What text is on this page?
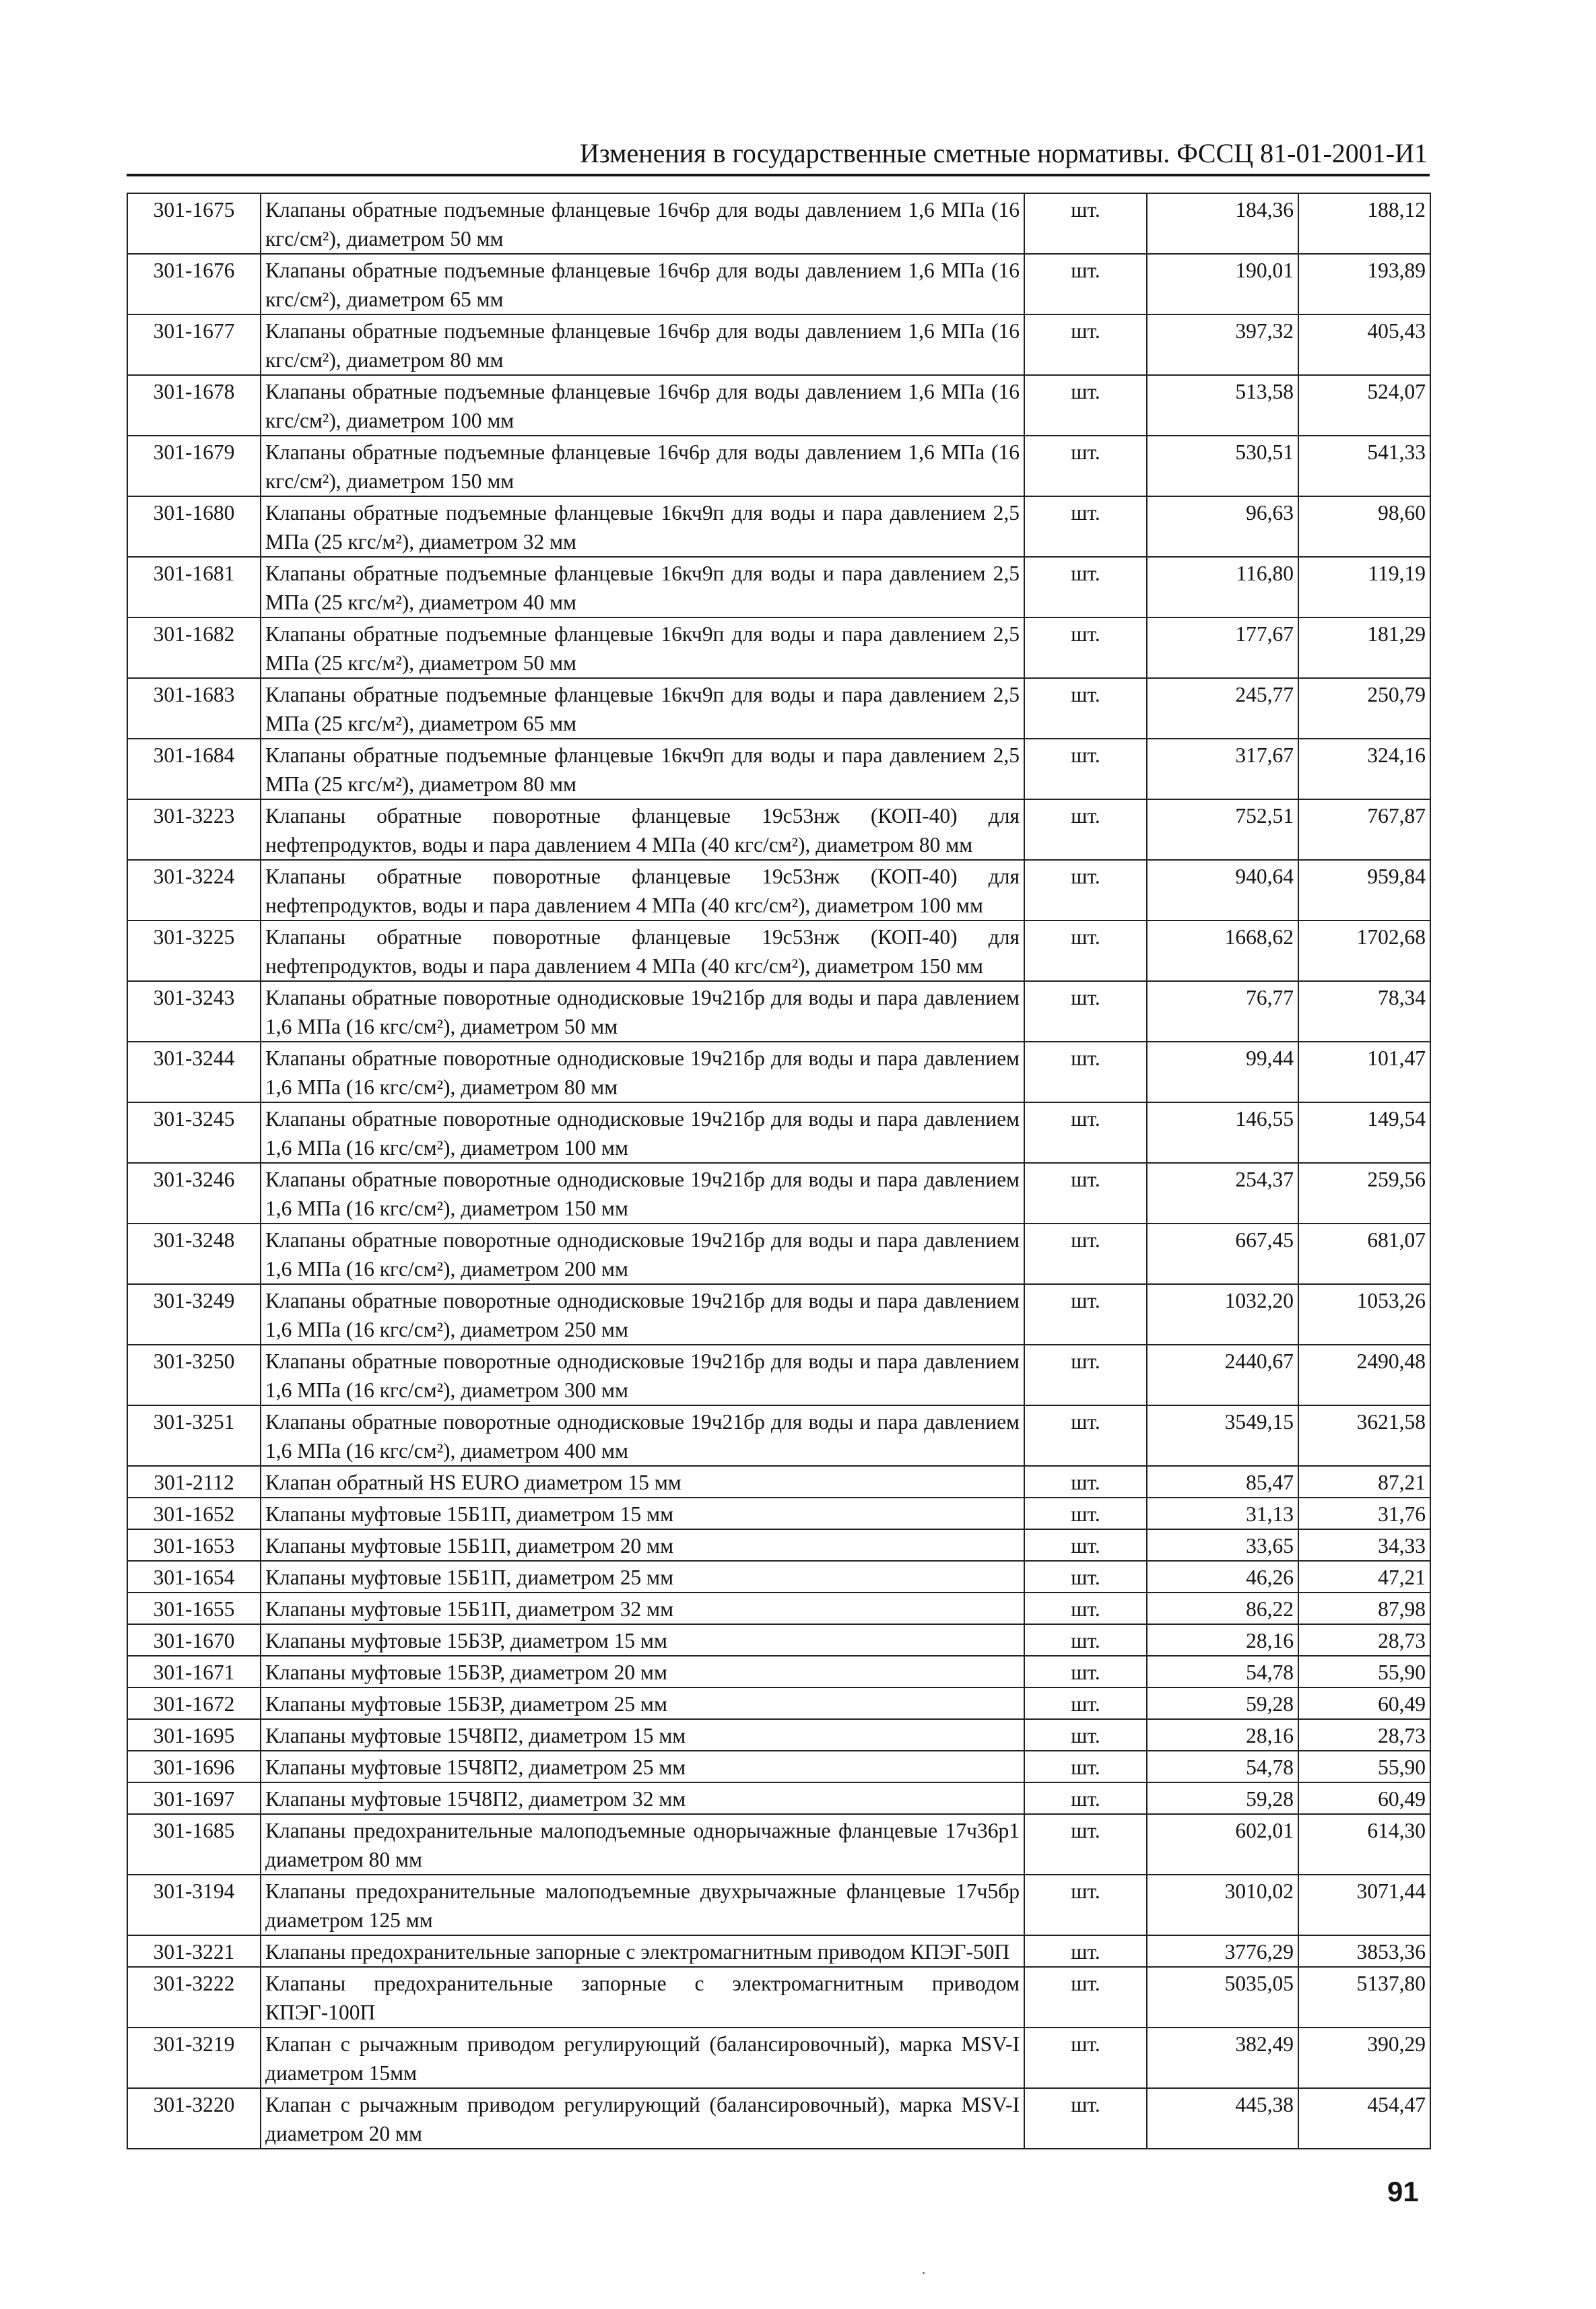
Изменения в государственные сметные нормативы. ФССЦ 81-01-2001-И1
301-1675	Клапаны обратные подъемные фланцевые 16ч6р для воды давлением 1,6 МПа (16 кгс/см²), диаметром 50 мм	шт.	184,36	188,12
301-1676	Клапаны обратные подъемные фланцевые 16ч6р для воды давлением 1,6 МПа (16 кгс/см²), диаметром 65 мм	шт.	190,01	193,89
301-1677	Клапаны обратные подъемные фланцевые 16ч6р для воды давлением 1,6 МПа (16 кгс/см²), диаметром 80 мм	шт.	397,32	405,43
301-1678	Клапаны обратные подъемные фланцевые 16ч6р для воды давлением 1,6 МПа (16 кгс/см²), диаметром 100 мм	шт.	513,58	524,07
301-1679	Клапаны обратные подъемные фланцевые 16ч6р для воды давлением 1,6 МПа (16 кгс/см²), диаметром 150 мм	шт.	530,51	541,33
301-1680	Клапаны обратные подъемные фланцевые 16кч9п для воды и пара давлением 2,5 МПа (25 кгс/м²), диаметром 32 мм	шт.	96,63	98,60
301-1681	Клапаны обратные подъемные фланцевые 16кч9п для воды и пара давлением 2,5 МПа (25 кгс/м²), диаметром 40 мм	шт.	116,80	119,19
301-1682	Клапаны обратные подъемные фланцевые 16кч9п для воды и пара давлением 2,5 МПа (25 кгс/м²), диаметром 50 мм	шт.	177,67	181,29
301-1683	Клапаны обратные подъемные фланцевые 16кч9п для воды и пара давлением 2,5 МПа (25 кгс/м²), диаметром 65 мм	шт.	245,77	250,79
301-1684	Клапаны обратные подъемные фланцевые 16кч9п для воды и пара давлением 2,5 МПа (25 кгс/м²), диаметром 80 мм	шт.	317,67	324,16
301-3223	Клапаны обратные поворотные фланцевые 19с53нж (КОП-40) для нефтепродуктов, воды и пара давлением 4 МПа (40 кгс/см²), диаметром 80 мм	шт.	752,51	767,87
301-3224	Клапаны обратные поворотные фланцевые 19с53нж (КОП-40) для нефтепродуктов, воды и пара давлением 4 МПа (40 кгс/см²), диаметром 100 мм	шт.	940,64	959,84
301-3225	Клапаны обратные поворотные фланцевые 19с53нж (КОП-40) для нефтепродуктов, воды и пара давлением 4 МПа (40 кгс/см²), диаметром 150 мм	шт.	1668,62	1702,68
301-3243	Клапаны обратные поворотные однодисковые 19ч21бр для воды и пара давлением 1,6 МПа (16 кгс/см²), диаметром 50 мм	шт.	76,77	78,34
301-3244	Клапаны обратные поворотные однодисковые 19ч21бр для воды и пара давлением 1,6 МПа (16 кгс/см²), диаметром 80 мм	шт.	99,44	101,47
301-3245	Клапаны обратные поворотные однодисковые 19ч21бр для воды и пара давлением 1,6 МПа (16 кгс/см²), диаметром 100 мм	шт.	146,55	149,54
301-3246	Клапаны обратные поворотные однодисковые 19ч21бр для воды и пара давлением 1,6 МПа (16 кгс/см²), диаметром 150 мм	шт.	254,37	259,56
301-3248	Клапаны обратные поворотные однодисковые 19ч21бр для воды и пара давлением 1,6 МПа (16 кгс/см²), диаметром 200 мм	шт.	667,45	681,07
301-3249	Клапаны обратные поворотные однодисковые 19ч21бр для воды и пара давлением 1,6 МПа (16 кгс/см²), диаметром 250 мм	шт.	1032,20	1053,26
301-3250	Клапаны обратные поворотные однодисковые 19ч21бр для воды и пара давлением 1,6 МПа (16 кгс/см²), диаметром 300 мм	шт.	2440,67	2490,48
301-3251	Клапаны обратные поворотные однодисковые 19ч21бр для воды и пара давлением 1,6 МПа (16 кгс/см²), диаметром 400 мм	шт.	3549,15	3621,58
301-2112	Клапан обратный HS EURO диаметром 15 мм	шт.	85,47	87,21
301-1652	Клапаны муфтовые 15Б1П, диаметром 15 мм	шт.	31,13	31,76
301-1653	Клапаны муфтовые 15Б1П, диаметром 20 мм	шт.	33,65	34,33
301-1654	Клапаны муфтовые 15Б1П, диаметром 25 мм	шт.	46,26	47,21
301-1655	Клапаны муфтовые 15Б1П, диаметром 32 мм	шт.	86,22	87,98
301-1670	Клапаны муфтовые 15Б3Р, диаметром 15 мм	шт.	28,16	28,73
301-1671	Клапаны муфтовые 15Б3Р, диаметром 20 мм	шт.	54,78	55,90
301-1672	Клапаны муфтовые 15Б3Р, диаметром 25 мм	шт.	59,28	60,49
301-1695	Клапаны муфтовые 15Ч8П2, диаметром 15 мм	шт.	28,16	28,73
301-1696	Клапаны муфтовые 15Ч8П2, диаметром 25 мм	шт.	54,78	55,90
301-1697	Клапаны муфтовые 15Ч8П2, диаметром 32 мм	шт.	59,28	60,49
301-1685	Клапаны предохранительные малоподъемные однорычажные фланцевые 17ч36р1 диаметром 80 мм	шт.	602,01	614,30
301-3194	Клапаны предохранительные малоподъемные двухрычажные фланцевые 17ч5бр диаметром 125 мм	шт.	3010,02	3071,44
301-3221	Клапаны предохранительные запорные с электромагнитным приводом КПЭГ-50П	шт.	3776,29	3853,36
301-3222	Клапаны предохранительные запорные с электромагнитным приводом КПЭГ-100П	шт.	5035,05	5137,80
301-3219	Клапан с рычажным приводом регулирующий (балансировочный), марка MSV-I диаметром 15мм	шт.	382,49	390,29
301-3220	Клапан с рычажным приводом регулирующий (балансировочный), марка MSV-I диаметром 20 мм	шт.	445,38	454,47
91
